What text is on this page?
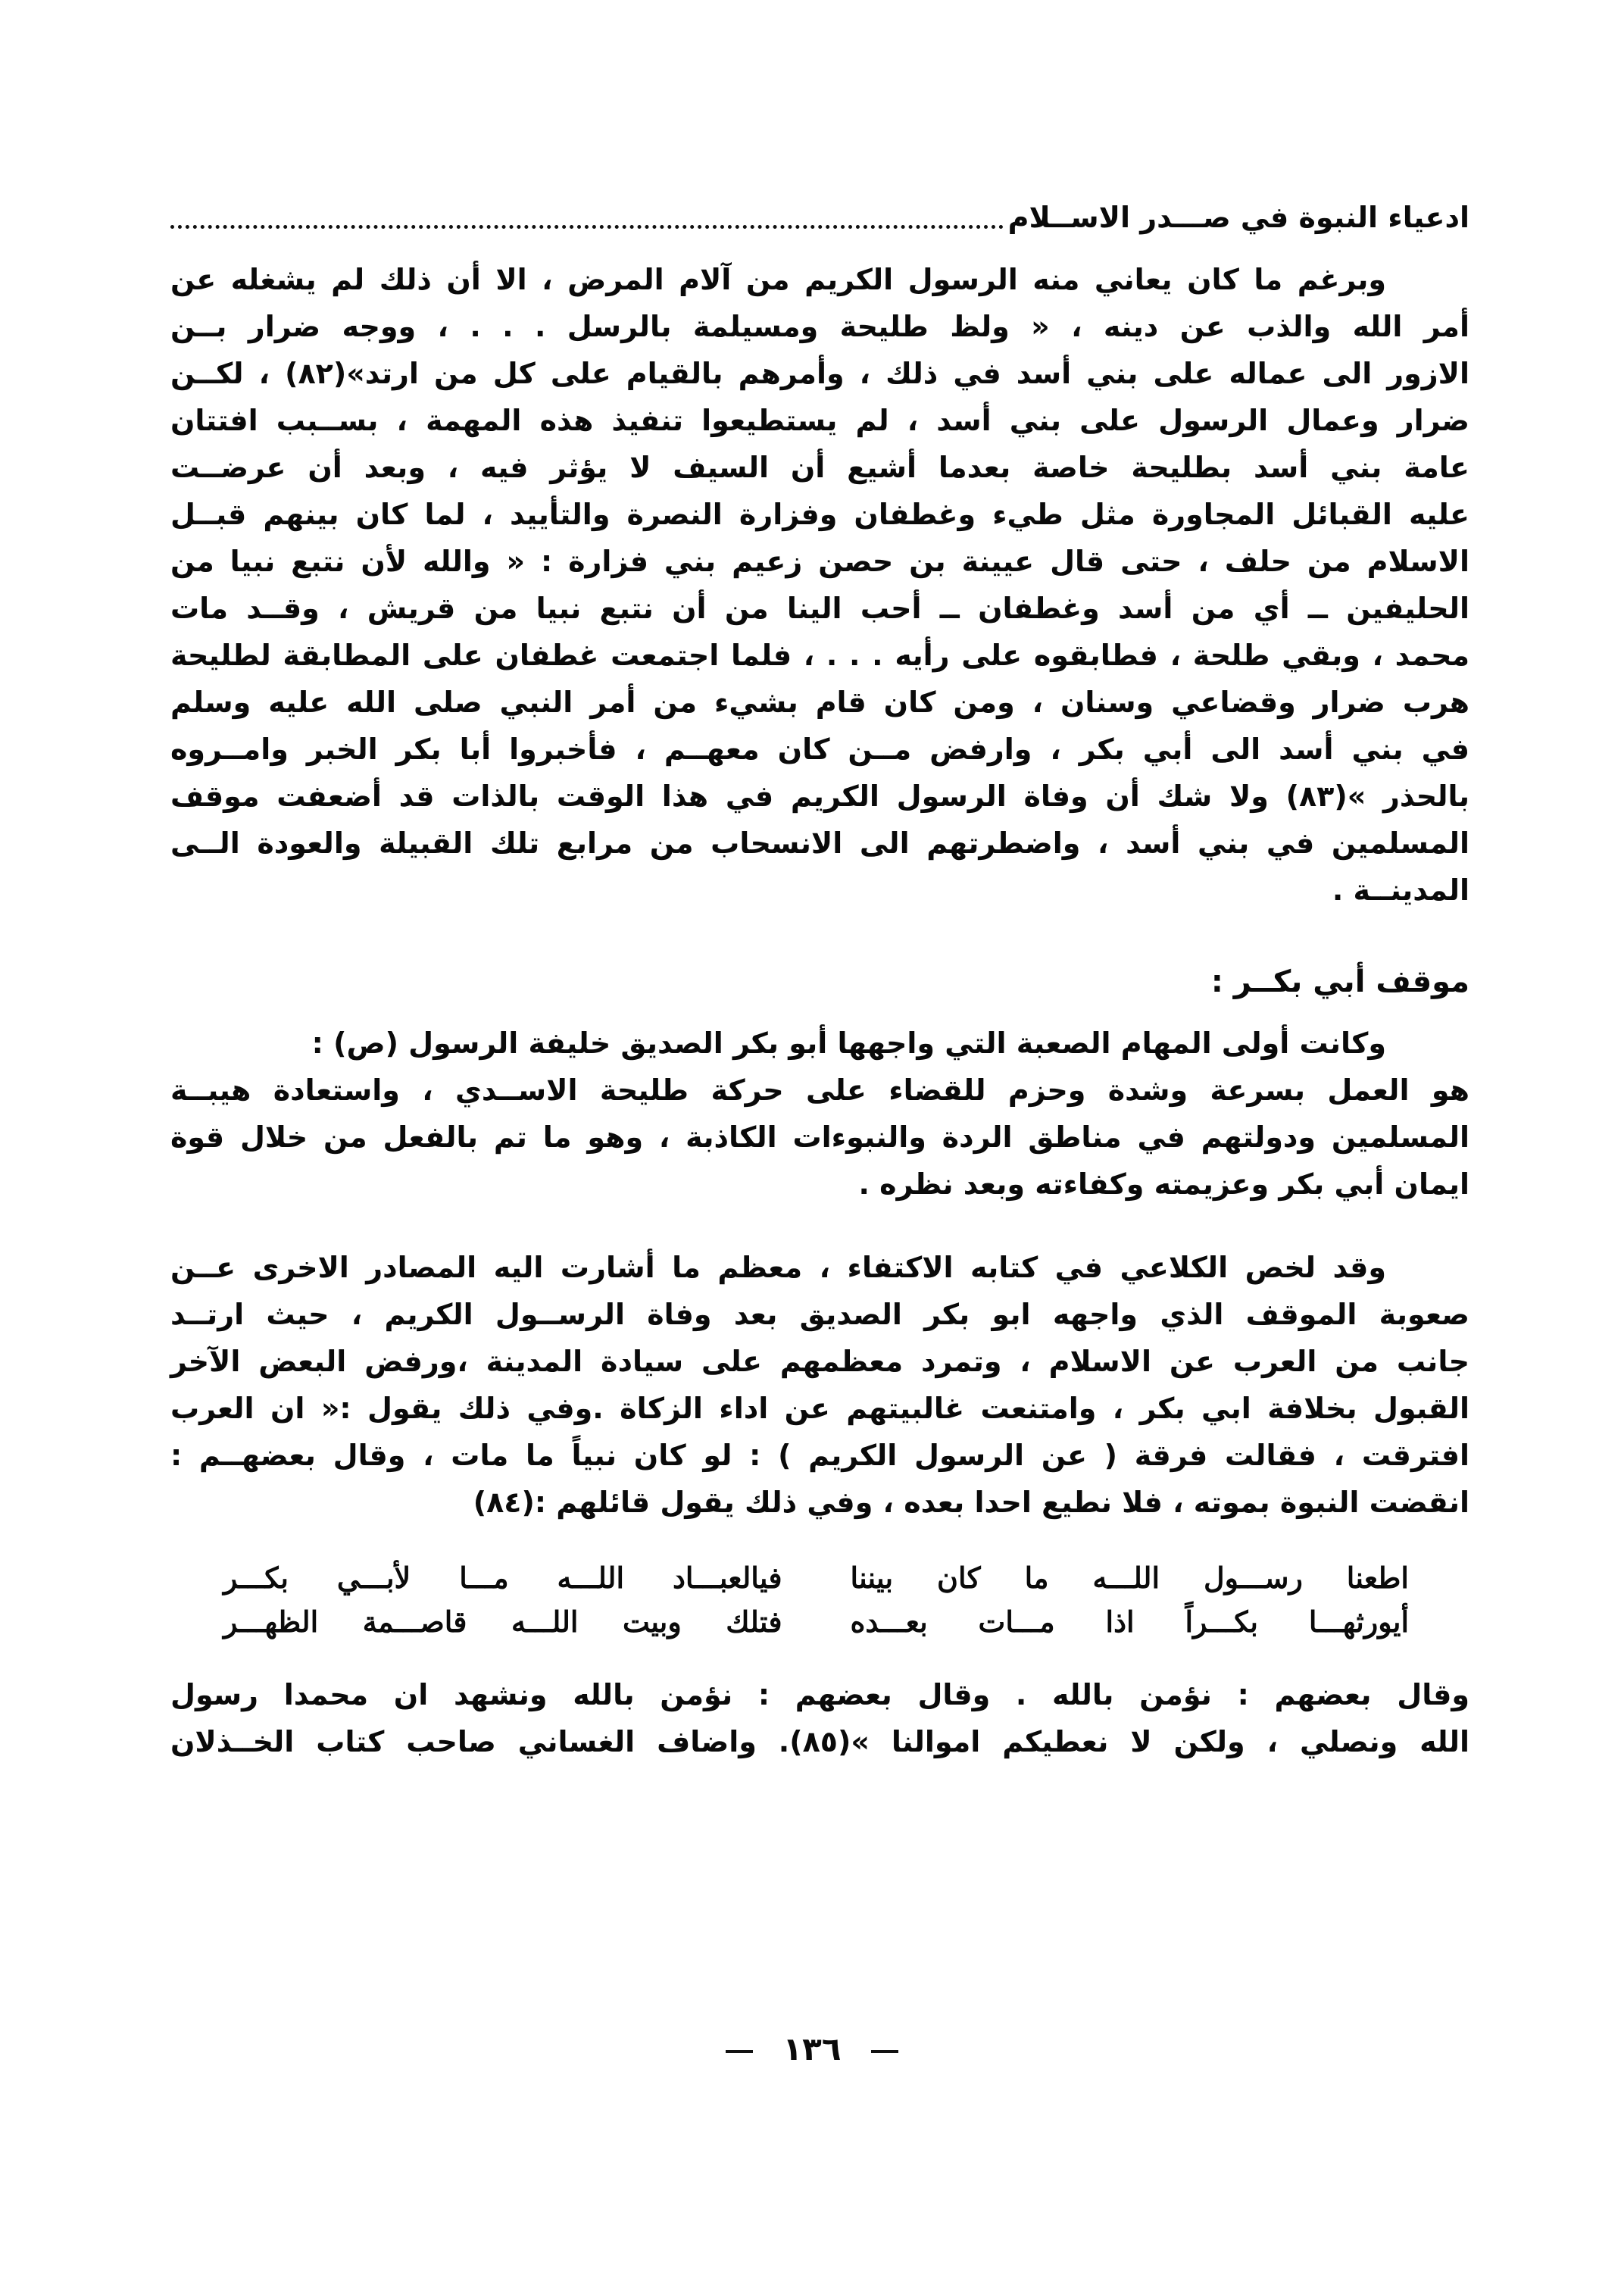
ادعياء النبوة في صـــدر الاســلام

وبرغم ما كان يعاني منه الرسول الكريم من آلام المرض ، الا أن ذلك لم يشغله عن
أمر الله والذب عن دينه ، « ولظ طليحة ومسيلمة بالرسل . . . ، ووجه ضرار بــن
الازور الى عماله على بني أسد في ذلك ، وأمرهم بالقيام على كل من ارتد»(٨٢) ، لكــن
ضرار وعمال الرسول على بني أسد ، لم يستطيعوا تنفيذ هذه المهمة ، بســبب افتتان
عامة بني أسد بطليحة خاصة بعدما أشيع أن السيف لا يؤثر فيه ، وبعد أن عرضــت
عليه القبائل المجاورة مثل طيء وغطفان وفزارة النصرة والتأييد ، لما كان بينهم قبــل
الاسلام من حلف ، حتى قال عيينة بن حصن زعيم بني فزارة : « والله لأن نتبع نبيا من
الحليفين ــ أي من أسد وغطفان ــ أحب الينا من أن نتبع نبيا من قريش ، وقــد مات
محمد ، وبقي طلحة ، فطابقوه على رأيه . . . ، فلما اجتمعت غطفان على المطابقة لطليحة
هرب ضرار وقضاعي وسنان ، ومن كان قام بشيء من أمر النبي صلى الله عليه وسلم
في بني أسد الى أبي بكر ، وارفض مــن كان معهــم ، فأخبروا أبا بكر الخبر وامــروه
بالحذر »(٨٣) ولا شك أن وفاة الرسول الكريم في هذا الوقت بالذات قد أضعفت موقف
المسلمين في بني أسد ، واضطرتهم الى الانسحاب من مرابع تلك القبيلة والعودة الــى
المدينــة .

موقف أبي بكــر :

وكانت أولى المهام الصعبة التي واجهها أبو بكر الصديق خليفة الرسول (ص) :
هو العمل بسرعة وشدة وحزم للقضاء على حركة طليحة الاســدي ، واستعادة هيبــة
المسلمين ودولتهم في مناطق الردة والنبوءات الكاذبة ، وهو ما تم بالفعل من خلال قوة
ايمان أبي بكر وعزيمته وكفاءته وبعد نظره .

وقد لخص الكلاعي في كتابه الاكتفاء ، معظم ما أشارت اليه المصادر الاخرى عــن
صعوبة الموقف الذي واجهه ابو بكر الصديق بعد وفاة الرســول الكريم ، حيث ارتــد
جانب من العرب عن الاسلام ، وتمرد معظمهم على سيادة المدينة ،ورفض البعض الآخر
القبول بخلافة ابي بكر ، وامتنعت غالبيتهم عن اداء الزكاة .وفي ذلك يقول :« ان العرب
افترقت ، فقالت فرقة ( عن الرسول الكريم ) : لو كان نبياً ما مات ، وقال بعضهــم :
انقضت النبوة بموته ، فلا نطيع احدا بعده ، وفي ذلك يقول قائلهم :(٨٤)

اطعنا رســـول اللـــه ما كان بيننا
فيالعبـــاد اللـــه مـــا لأبـــي بكـــر
أيورثهـــا بكـــراً اذا مـــات بعـــده
فتلك وبيت اللـــه قاصـــمة الظهـــر

وقال بعضهم : نؤمن بالله . وقال بعضهم : نؤمن بالله ونشهد ان محمدا رسول
الله ونصلي ، ولكن لا نعطيكم اموالنا »(٨٥). واضاف الغساني صاحب كتاب الخــذلان

١٣٦
